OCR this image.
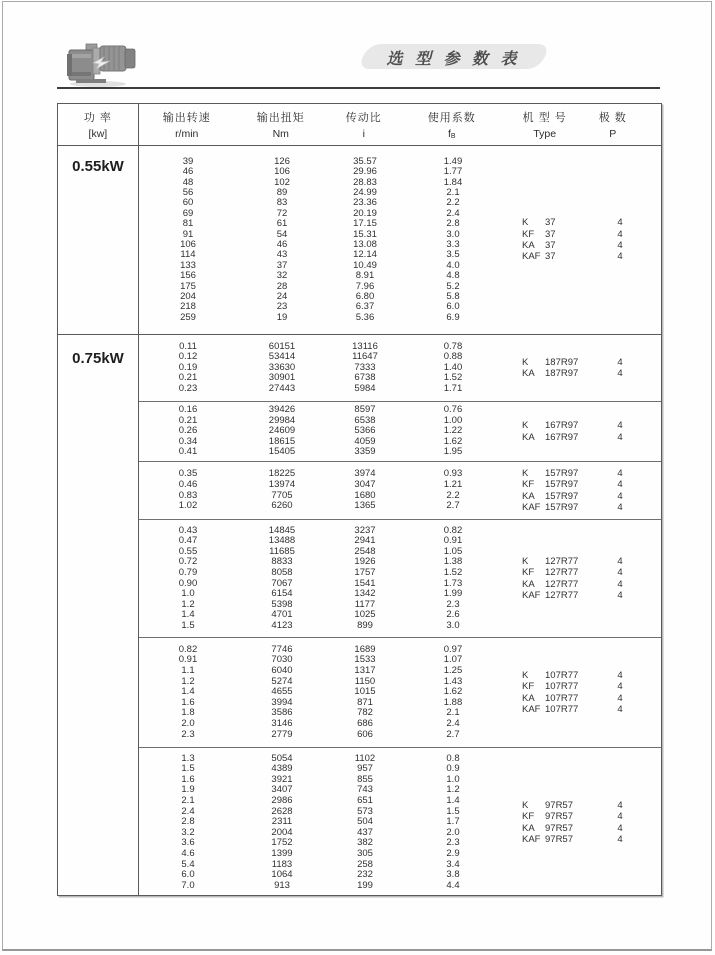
选 型 参 数 表
功 率
[kw]
输出转速
r/min
输出扭矩
Nm
传动比
i
使用系数
fB
机 型 号
Type
极 数
P
0.55kW	39	126	35.57	1.49
46	106	29.96	1.77
48	102	28.83	1.84
56	89	24.99	2.1
60	83	23.36	2.2
69	72	20.19	2.4
81	61	17.15	2.8
91	54	15.31	3.0
106	46	13.08	3.3
114	43	12.14	3.5
133	37	10.49	4.0
156	32	8.91	4.8
175	28	7.96	5.2
204	24	6.80	5.8
218	23	6.37	6.0
259	19	5.36	6.9
K	37	4
KF	37	4
KA	37	4
KAF 37	4
0.75kW
0.11	60151	13116	0.78
0.12	53414	11647	0.88
0.19	33630	7333	1.40
0.21	30901	6738	1.52
0.23	27443	5984	1.71
K	187R97	4
KA	187R97	4
0.16	39426	8597	0.76
0.21	29984	6538	1.00
0.26	24609	5366	1.22
0.34	18615	4059	1.62
0.41	15405	3359	1.95
K	167R97	4
KA	167R97	4
0.35	18225	3974	0.93
0.46	13974	3047	1.21
0.83	7705	1680	2.2
1.02	6260	1365	2.7
K	157R97	4
KF	157R97	4
KA	157R97	4
KAF 157R97	4
0.43	14845	3237	0.82
0.47	13488	2941	0.91
0.55	11685	2548	1.05
0.72	8833	1926	1.38
0.79	8058	1757	1.52
0.90	7067	1541	1.73
1.0	6154	1342	1.99
1.2	5398	1177	2.3
1.4	4701	1025	2.6
1.5	4123	899	3.0
K	127R77	4
KF	127R77	4
KA	127R77	4
KAF 127R77	4
0.82	7746	1689	0.97
0.91	7030	1533	1.07
1.1	6040	1317	1.25
1.2	5274	1150	1.43
1.4	4655	1015	1.62
1.6	3994	871	1.88
1.8	3586	782	2.1
2.0	3146	686	2.4
2.3	2779	606	2.7
K	107R77	4
KF	107R77	4
KA	107R77	4
KAF 107R77	4
1.3	5054	1102	0.8
1.5	4389	957	0.9
1.6	3921	855	1.0
1.9	3407	743	1.2
2.1	2986	651	1.4
2.4	2628	573	1.5
2.8	2311	504	1.7
3.2	2004	437	2.0
3.6	1752	382	2.3
4.6	1399	305	2.9
5.4	1183	258	3.4
6.0	1064	232	3.8
7.0	913	199	4.4
K	97R57	4
KF	97R57	4
KA	97R57	4
KAF 97R57	4
